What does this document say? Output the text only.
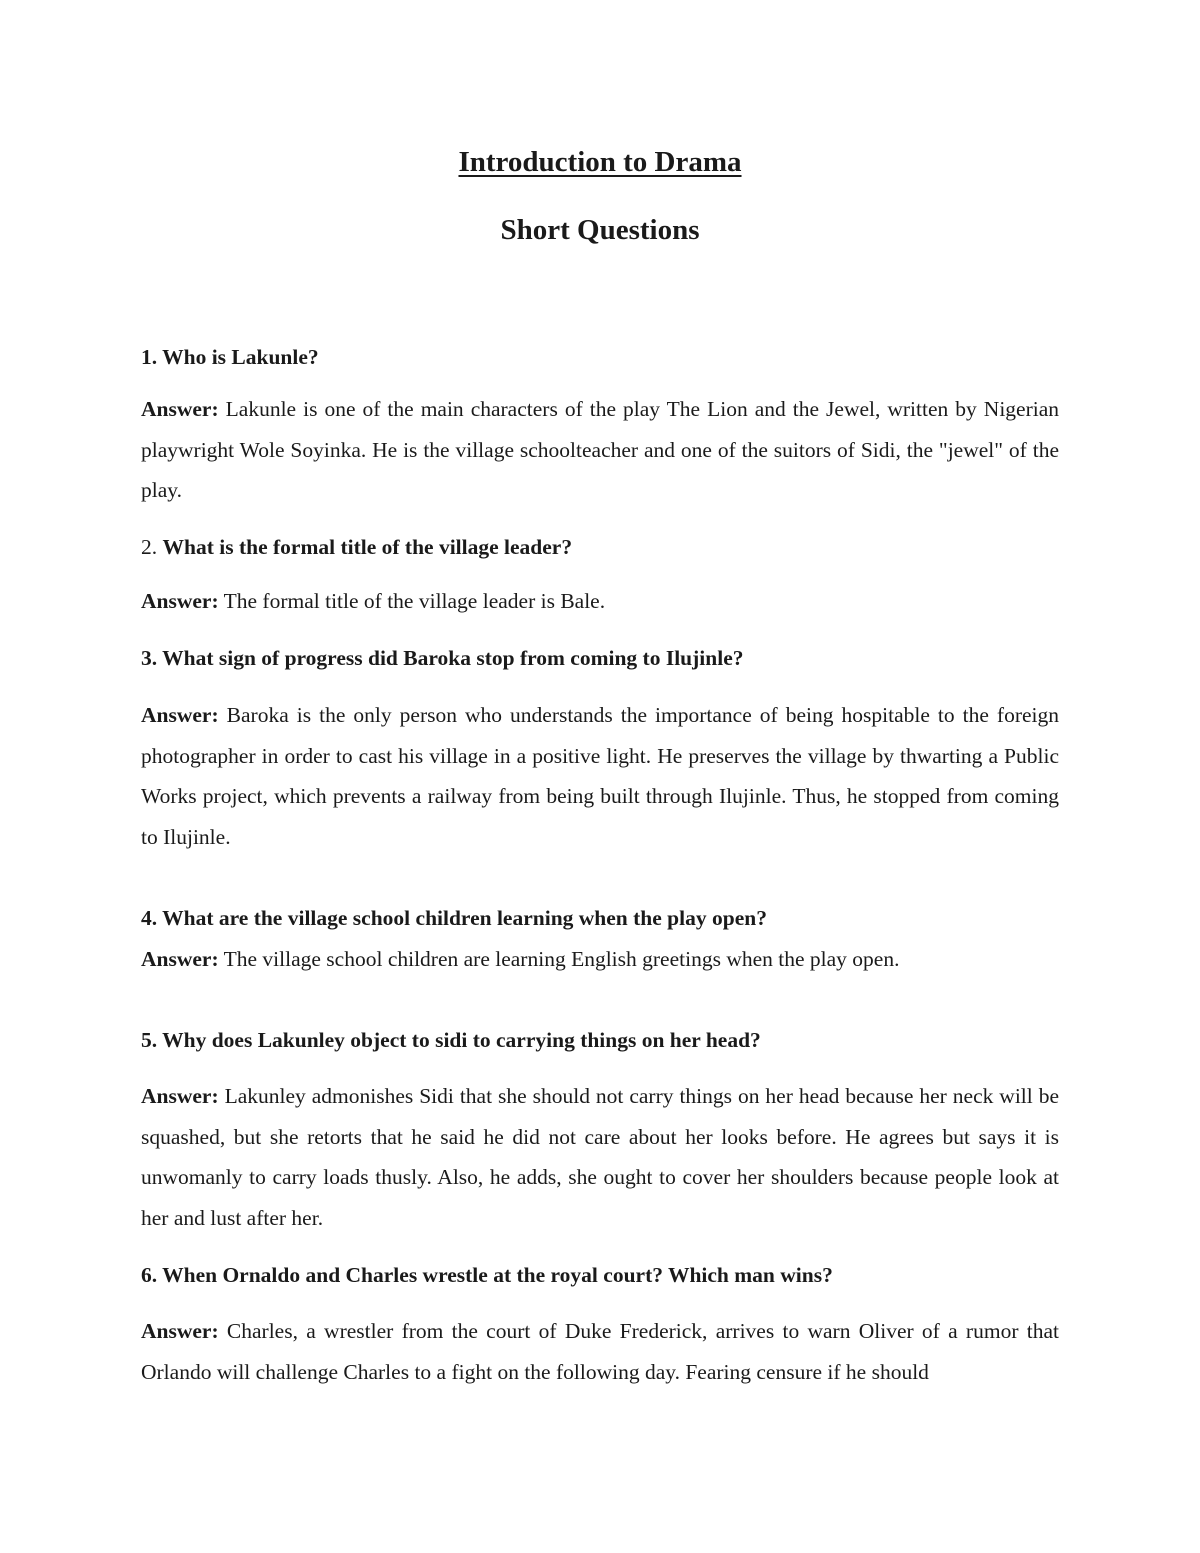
Introduction to Drama
Short Questions
1. Who is Lakunle?
Answer: Lakunle is one of the main characters of the play The Lion and the Jewel, written by Nigerian playwright Wole Soyinka. He is the village schoolteacher and one of the suitors of Sidi, the "jewel" of the play.
2. What is the formal title of the village leader?
Answer: The formal title of the village leader is Bale.
3. What sign of progress did Baroka stop from coming to Ilujinle?
Answer: Baroka is the only person who understands the importance of being hospitable to the foreign photographer in order to cast his village in a positive light. He preserves the village by thwarting a Public Works project, which prevents a railway from being built through Ilujinle. Thus, he stopped from coming to Ilujinle.
4. What are the village school children learning when the play open?
Answer: The village school children are learning English greetings when the play open.
5. Why does Lakunley object to sidi to carrying things on her head?
Answer: Lakunley admonishes Sidi that she should not carry things on her head because her neck will be squashed, but she retorts that he said he did not care about her looks before. He agrees but says it is unwomanly to carry loads thusly. Also, he adds, she ought to cover her shoulders because people look at her and lust after her.
6. When Ornaldo and Charles wrestle at the royal court? Which man wins?
Answer: Charles, a wrestler from the court of Duke Frederick, arrives to warn Oliver of a rumor that Orlando will challenge Charles to a fight on the following day. Fearing censure if he should
